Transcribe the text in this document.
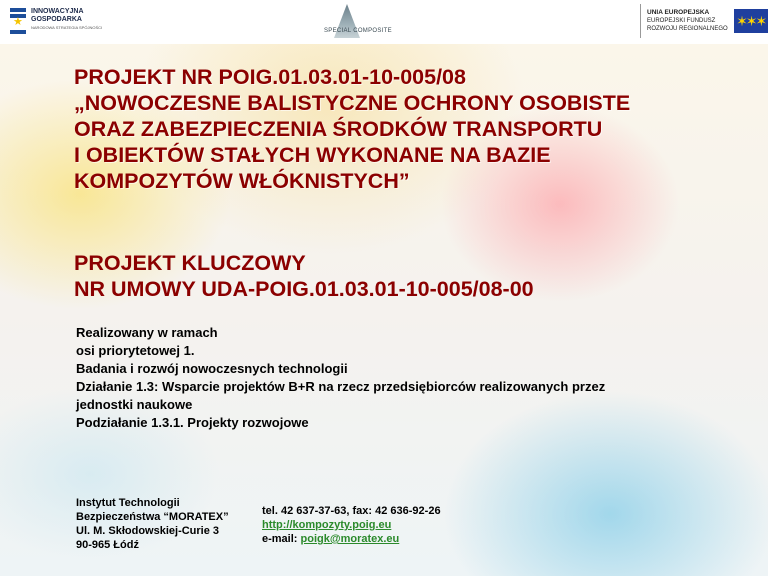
★
INNOWACYJNA
GOSPODARKA
NARODOWA STRATEGIA SPÓJNOŚCI
SPECIAL COMPOSITE
UNIA EUROPEJSKA
EUROPEJSKI FUNDUSZ
ROZWOJU REGIONALNEGO ✶✶✶
PROJEKT NR POIG.01.03.01-10-005/08
„NOWOCZESNE BALISTYCZNE OCHRONY OSOBISTE
ORAZ ZABEZPIECZENIA ŚRODKÓW TRANSPORTU
I OBIEKTÓW STAŁYCH WYKONANE NA BAZIE
KOMPOZYTÓW WŁÓKNISTYCH”
PROJEKT KLUCZOWY
NR UMOWY UDA-POIG.01.03.01-10-005/08-00
Realizowany w ramach
osi priorytetowej 1.
Badania i rozwój nowoczesnych technologii
Działanie 1.3: Wsparcie projektów B+R na rzecz przedsiębiorców realizowanych przez
jednostki naukowe
Podziałanie 1.3.1. Projekty rozwojowe
Instytut Technologii
Bezpieczeństwa “MORATEX”
Ul. M. Skłodowskiej-Curie 3
90-965 Łódź
tel. 42 637-37-63, fax: 42 636-92-26
http://kompozyty.poig.eu
e-mail: poigk@moratex.eu
